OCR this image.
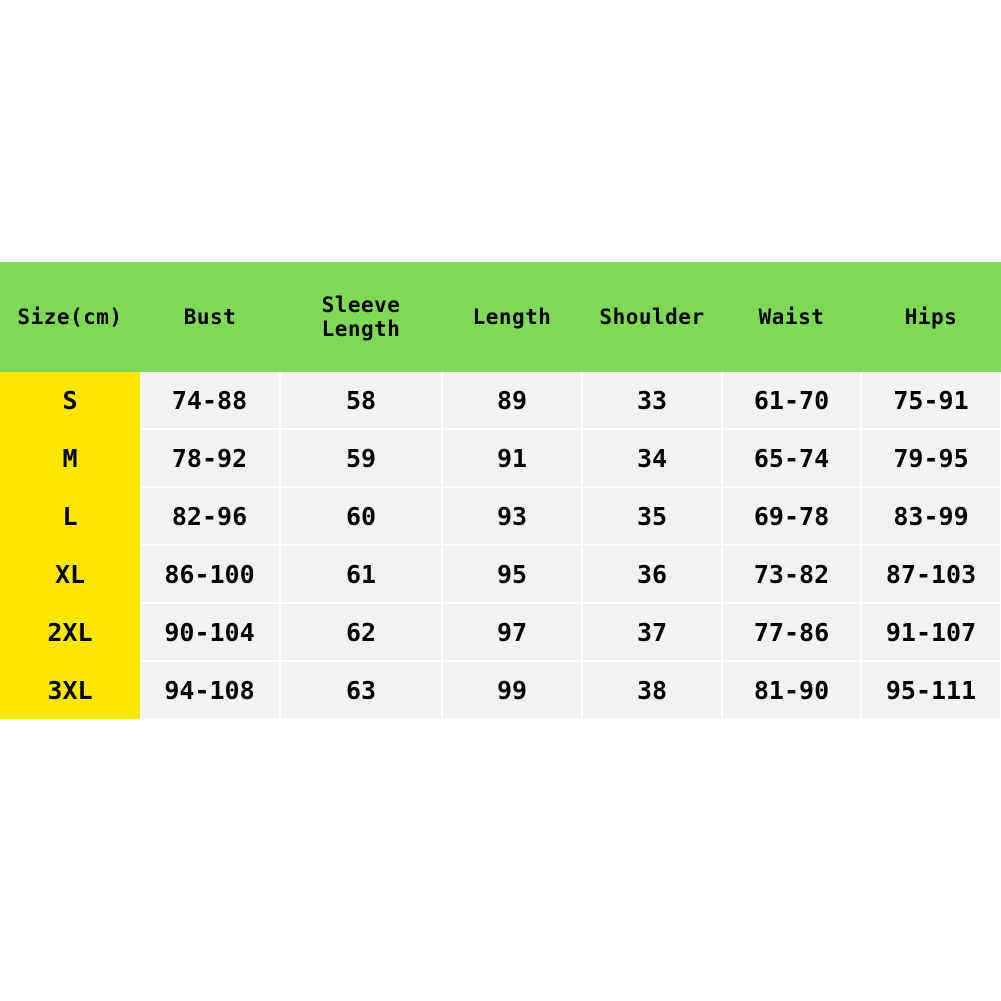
Size(cm)	Bust	Sleeve Length	Length	Shoulder	Waist	Hips
S	74-88	58	89	33	61-70	75-91
M	78-92	59	91	34	65-74	79-95
L	82-96	60	93	35	69-78	83-99
XL	86-100	61	95	36	73-82	87-103
2XL	90-104	62	97	37	77-86	91-107
3XL	94-108	63	99	38	81-90	95-111
